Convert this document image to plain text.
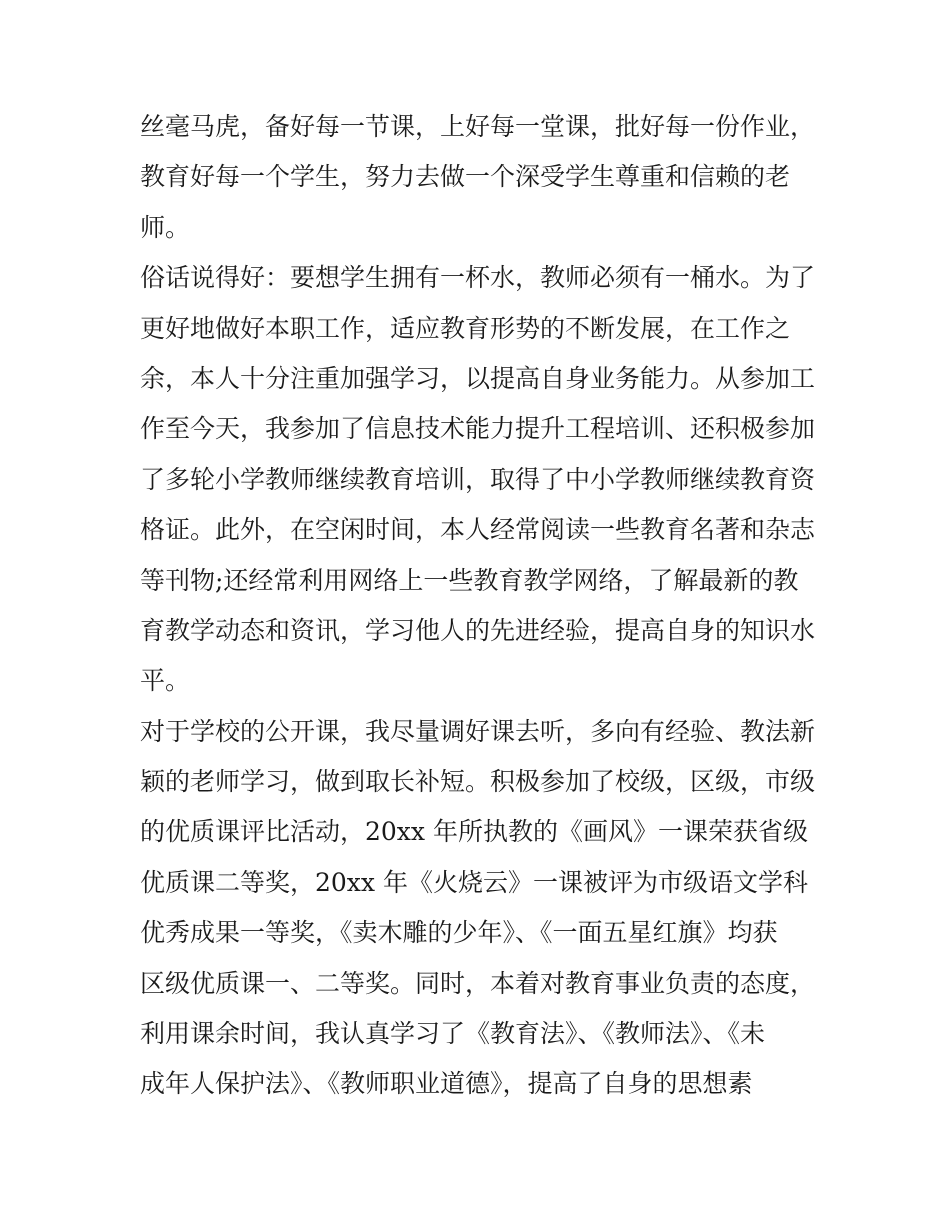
丝毫马虎，备好每一节课，上好每一堂课，批好每一份作业，
教育好每一个学生，努力去做一个深受学生尊重和信赖的老
师。
俗话说得好：要想学生拥有一杯水，教师必须有一桶水。为了
更好地做好本职工作，适应教育形势的不断发展，在工作之
余，本人十分注重加强学习，以提高自身业务能力。从参加工
作至今天，我参加了信息技术能力提升工程培训、还积极参加
了多轮小学教师继续教育培训，取得了中小学教师继续教育资
格证。此外，在空闲时间，本人经常阅读一些教育名著和杂志
等刊物;还经常利用网络上一些教育教学网络，了解最新的教
育教学动态和资讯，学习他人的先进经验，提高自身的知识水
平。
对于学校的公开课，我尽量调好课去听，多向有经验、教法新
颖的老师学习，做到取长补短。积极参加了校级，区级，市级
的优质课评比活动，20xx 年所执教的《画风》一课荣获省级
优质课二等奖，20xx 年《火烧云》一课被评为市级语文学科
优秀成果一等奖，《卖木雕的少年》、《一面五星红旗》均获
区级优质课一、二等奖。同时，本着对教育事业负责的态度，
利用课余时间，我认真学习了《教育法》、《教师法》、《未
成年人保护法》、《教师职业道德》，提高了自身的思想素
